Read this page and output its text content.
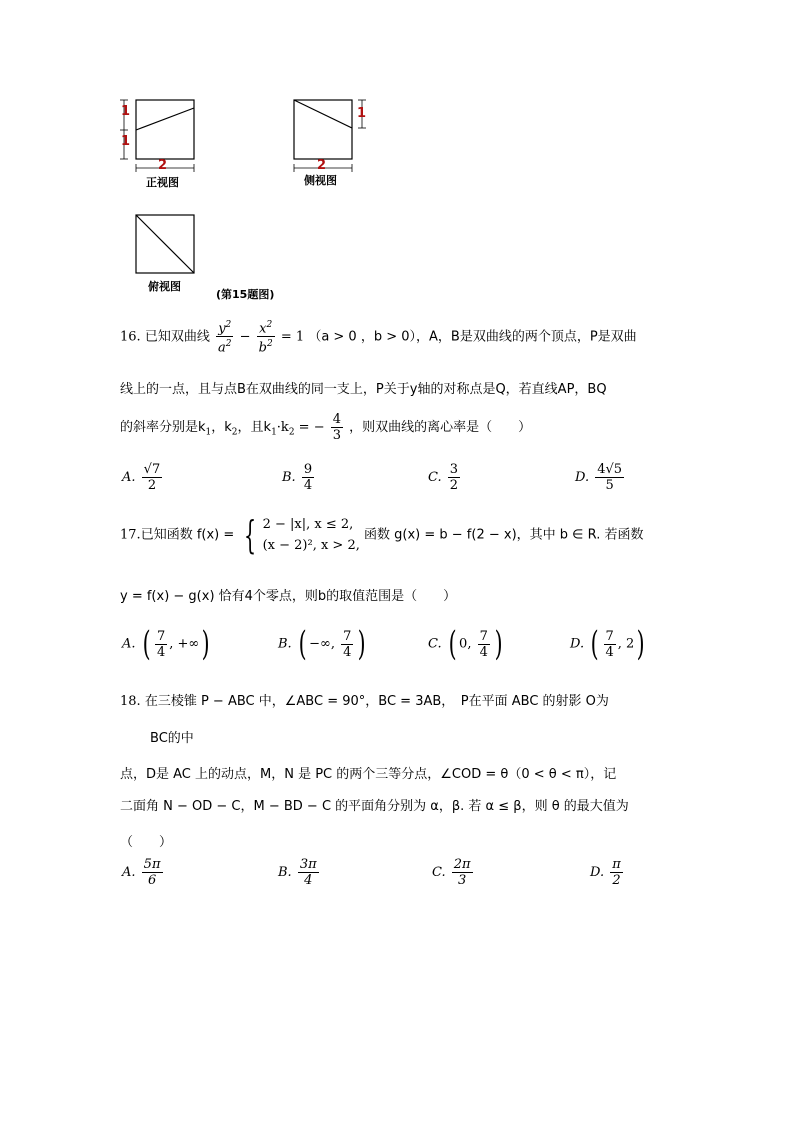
1
1
2
1
2
正视图	侧视图
俯视图
(第15题图)
16. 已知双曲线 $\frac{y^2}{a^2} - \frac{x^2}{b^2} = 1$ （a > 0 ，b > 0），A，B是双曲线的两个顶点，P是双曲
线上的一点，且与点B在双曲线的同一支上，P关于y轴的对称点是Q，若直线AP，BQ
的斜率分别是$k_1$，$k_2$，且$k_1\cdot k_2$ = − $\frac{4}{3}$ ，则双曲线的离心率是（　　）
A. $\frac{√7}{2}$	B. $\frac{9}{4}$	C. $\frac{3}{2}$	D. $\frac{4√5}{5}$
17.已知函数 f(x) = { 2 − |x|, x ≤ 2,
(x − 2)², x > 2,
函数 g(x) = b − f(2 − x)，其中 b ∈ R. 若函数
y = f(x) − g(x) 恰有4个零点，则b的取值范围是（　　）
A. ( $\frac{7}{4}$ , +∞)	B. ( −∞, $\frac{7}{4}$ )	C. ( 0, $\frac{7}{4}$ )	D. ( $\frac{7}{4}$ , 2)
18. 在三棱锥 P − ABC 中，∠ABC = 90°，BC = 3AB，　P在平面 ABC 的射影 O为
BC的中
点，D是 AC 上的动点，M，N 是 PC 的两个三等分点，∠COD = θ（0 < θ < π），记
二面角 N − OD − C，M − BD − C 的平面角分别为 α，β. 若 α ≤ β，则 θ 的最大值为
（　　）
A. $\frac{5\pi}{6}$	B. $\frac{3\pi}{4}$	C. $\frac{2\pi}{3}$	D. $\frac{\pi}{2}$
